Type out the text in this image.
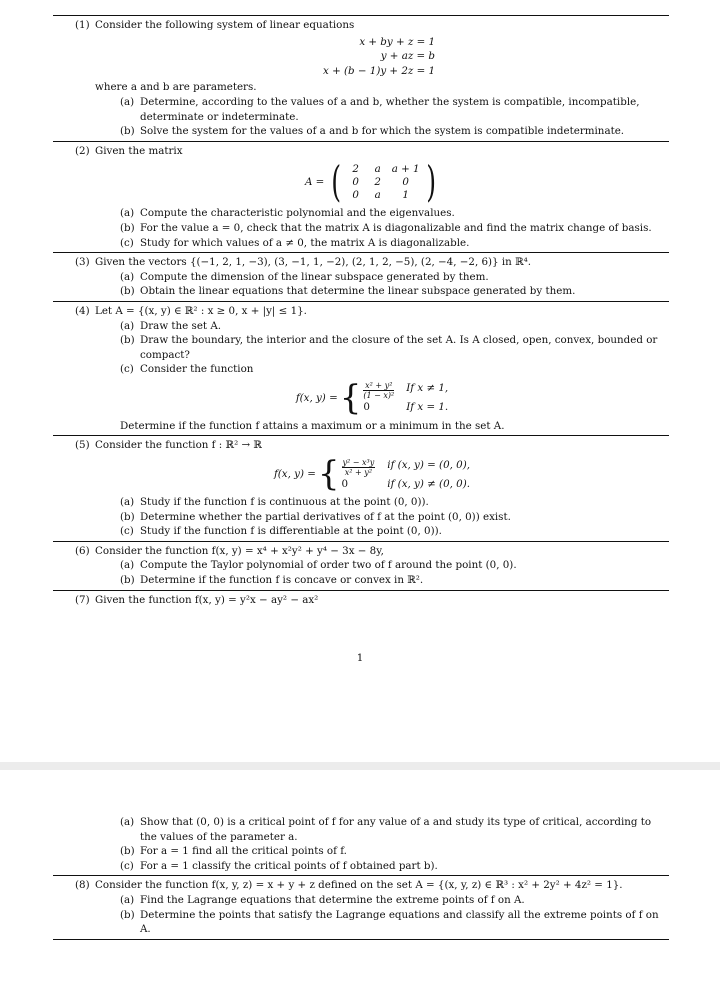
(1) Consider the following system of linear equations
x + by + z = 1
y + az = b
x + (b − 1)y + 2z = 1
where a and b are parameters.
(a) Determine, according to the values of a and b, whether the system is compatible, incompatible, determinate or indeterminate.
(b) Solve the system for the values of a and b for which the system is compatible indeterminate.
(2) Given the matrix
A = (	2	a	a + 1
0	2	0
0	a	1 )
(a) Compute the characteristic polynomial and the eigenvalues.
(b) For the value a = 0, check that the matrix A is diagonalizable and find the matrix change of basis.
(c) Study for which values of a ≠ 0, the matrix A is diagonalizable.
(3) Given the vectors {(−1, 2, 1, −3), (3, −1, 1, −2), (2, 1, 2, −5), (2, −4, −2, 6)} in ℝ⁴.
(a) Compute the dimension of the linear subspace generated by them.
(b) Obtain the linear equations that determine the linear subspace generated by them.
(4) Let A = {(x, y) ∈ ℝ² : x ≥ 0, x + |y| ≤ 1}.
(a) Draw the set A.
(b) Draw the boundary, the interior and the closure of the set A. Is A closed, open, convex, bounded or compact?
(c) Consider the function
f(x, y) = { $\frac{\text{x² + y²}}{\text{(1 − x)²}}$ If x ≠ 1,
0	If x = 1.
Determine if the function f attains a maximum or a minimum in the set A.
(5) Consider the function f : ℝ² → ℝ
f(x, y) = { $\frac{\text{y² − x³y}}{\text{x² + y²}}$ if (x, y) = (0, 0),
0	if (x, y) ≠ (0, 0).
(a) Study if the function f is continuous at the point (0, 0)).
(b) Determine whether the partial derivatives of f at the point (0, 0)) exist.
(c) Study if the function f is differentiable at the point (0, 0)).
(6) Consider the function f(x, y) = x⁴ + x²y² + y⁴ − 3x − 8y,
(a) Compute the Taylor polynomial of order two of f around the point (0, 0).
(b) Determine if the function f is concave or convex in ℝ².
(7) Given the function f(x, y) = y²x − ay² − ax²
1
(a) Show that (0, 0) is a critical point of f for any value of a and study its type of critical, according to the values of the parameter a.
(b) For a = 1 find all the critical points of f.
(c) For a = 1 classify the critical points of f obtained part b).
(8) Consider the function f(x, y, z) = x + y + z defined on the set A = {(x, y, z) ∈ ℝ³ : x² + 2y² + 4z² = 1}.
(a) Find the Lagrange equations that determine the extreme points of f on A.
(b) Determine the points that satisfy the Lagrange equations and classify all the extreme points of f on A.
